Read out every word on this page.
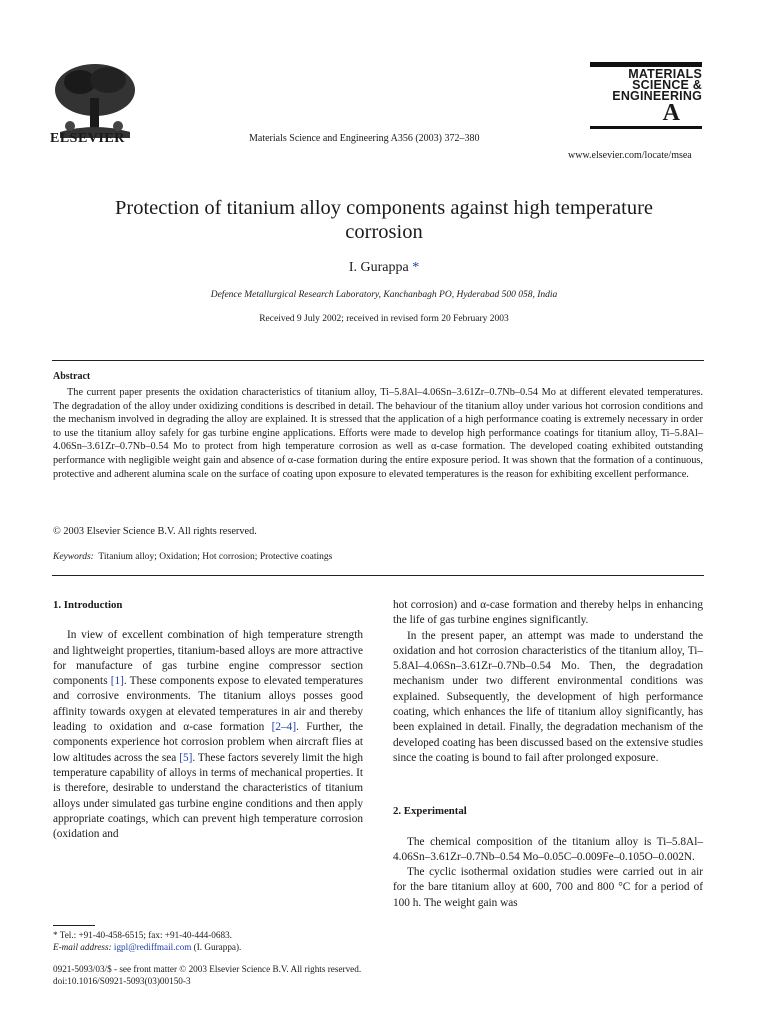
ELSEVIER	Materials Science and Engineering A356 (2003) 372–380
MATERIALS
SCIENCE &
ENGINEERING
A
www.elsevier.com/locate/msea
Protection of titanium alloy components against high temperature
corrosion
I. Gurappa *
Defence Metallurgical Research Laboratory, Kanchanbagh PO, Hyderabad 500 058, India
Received 9 July 2002; received in revised form 20 February 2003
Abstract

The current paper presents the oxidation characteristics of titanium alloy, Ti–5.8Al–4.06Sn–3.61Zr–0.7Nb–0.54 Mo at different elevated temperatures. The degradation of the alloy under oxidizing conditions is described in detail. The behaviour of the titanium alloy under various hot corrosion conditions and the mechanism involved in degrading the alloy are explained. It is stressed that the application of a high performance coating is extremely necessary in order to use the titanium alloy safely for gas turbine engine applications. Efforts were made to develop high performance coatings for titanium alloy, Ti–5.8Al–4.06Sn–3.61Zr–0.7Nb–0.54 Mo to protect from high temperature corrosion as well as α-case formation. The developed coating exhibited outstanding performance with negligible weight gain and absence of α-case formation during the entire exposure period. It was shown that the formation of a continuous, protective and adherent alumina scale on the surface of coating upon exposure to elevated temperatures is the reason for exhibiting excellent performance.

© 2003 Elsevier Science B.V. All rights reserved.
Keywords: Titanium alloy; Oxidation; Hot corrosion; Protective coatings

1. Introduction

In view of excellent combination of high temperature strength and lightweight properties, titanium-based alloys are more attractive for manufacture of gas turbine engine compressor section components [1]. These components expose to elevated temperatures and corrosive environments. The titanium alloys posses good affinity towards oxygen at elevated temperatures in air and thereby leading to oxidation and α-case formation [2–4]. Further, the components experience hot corrosion problem when aircraft flies at low altitudes across the sea [5]. These factors severely limit the high temperature capability of alloys in terms of mechanical properties. It is therefore, desirable to understand the characteristics of titanium alloys under simulated gas turbine engine conditions and then apply appropriate coatings, which can prevent high temperature corrosion (oxidation and

hot corrosion) and α-case formation and thereby helps in enhancing the life of gas turbine engines significantly.

In the present paper, an attempt was made to understand the oxidation and hot corrosion characteristics of the titanium alloy, Ti–5.8Al–4.06Sn–3.61Zr–0.7Nb–0.54 Mo. Then, the degradation mechanism under two different environmental conditions was explained. Subsequently, the development of high performance coating, which enhances the life of titanium alloy significantly, has been explained in detail. Finally, the degradation mechanism of the developed coating has been discussed based on the extensive studies since the coating is bound to fail after prolonged exposure.

2. Experimental

The chemical composition of the titanium alloy is Ti–5.8Al–4.06Sn–3.61Zr–0.7Nb–0.54 Mo–0.05C–0.009Fe–0.105O–0.002N.

The cyclic isothermal oxidation studies were carried out in air for the bare titanium alloy at 600, 700 and 800 °C for a period of 100 h. The weight gain was

* Tel.: +91-40-458-6515; fax: +91-40-444-0683.
E-mail address: igpl@rediffmail.com (I. Gurappa).
0921-5093/03/$ - see front matter © 2003 Elsevier Science B.V. All rights reserved.
doi:10.1016/S0921-5093(03)00150-3
